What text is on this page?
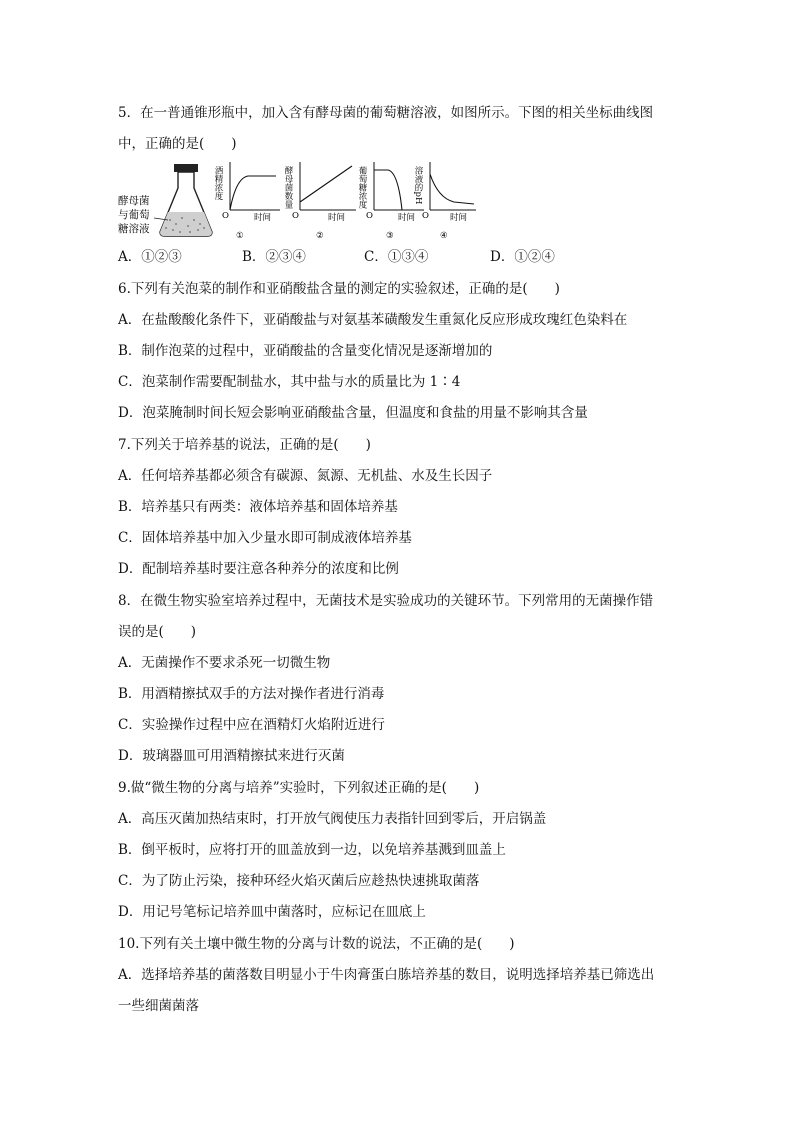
5．在一普通锥形瓶中，加入含有酵母菌的葡萄糖溶液，如图所示。下图的相关坐标曲线图
中，正确的是(　　)
酵母菌
与葡萄
糖溶液
酒精浓度
O	时间
①
酵母菌数量
O	时间
②
葡萄糖浓度
O	时间
③
溶液的pH
O 时间
④
A．①②③	B．②③④	C．①③④	D．①②④
6.下列有关泡菜的制作和亚硝酸盐含量的测定的实验叙述，正确的是(　　)
A．在盐酸酸化条件下，亚硝酸盐与对氨基苯磺酸发生重氮化反应形成玫瑰红色染料在
B．制作泡菜的过程中，亚硝酸盐的含量变化情况是逐渐增加的
C．泡菜制作需要配制盐水，其中盐与水的质量比为 1∶4
D．泡菜腌制时间长短会影响亚硝酸盐含量，但温度和食盐的用量不影响其含量
7.下列关于培养基的说法，正确的是(　　)
A．任何培养基都必须含有碳源、氮源、无机盐、水及生长因子
B．培养基只有两类：液体培养基和固体培养基
C．固体培养基中加入少量水即可制成液体培养基
D．配制培养基时要注意各种养分的浓度和比例
8．在微生物实验室培养过程中，无菌技术是实验成功的关键环节。下列常用的无菌操作错
误的是(　　)
A．无菌操作不要求杀死一切微生物
B．用酒精擦拭双手的方法对操作者进行消毒
C．实验操作过程中应在酒精灯火焰附近进行
D．玻璃器皿可用酒精擦拭来进行灭菌
9.做“微生物的分离与培养”实验时，下列叙述正确的是(　　)
A．高压灭菌加热结束时，打开放气阀使压力表指针回到零后，开启锅盖
B．倒平板时，应将打开的皿盖放到一边，以免培养基溅到皿盖上
C．为了防止污染，接种环经火焰灭菌后应趁热快速挑取菌落
D．用记号笔标记培养皿中菌落时，应标记在皿底上
10.下列有关土壤中微生物的分离与计数的说法，不正确的是(　　)
A．选择培养基的菌落数目明显小于牛肉膏蛋白胨培养基的数目，说明选择培养基已筛选出
一些细菌菌落
